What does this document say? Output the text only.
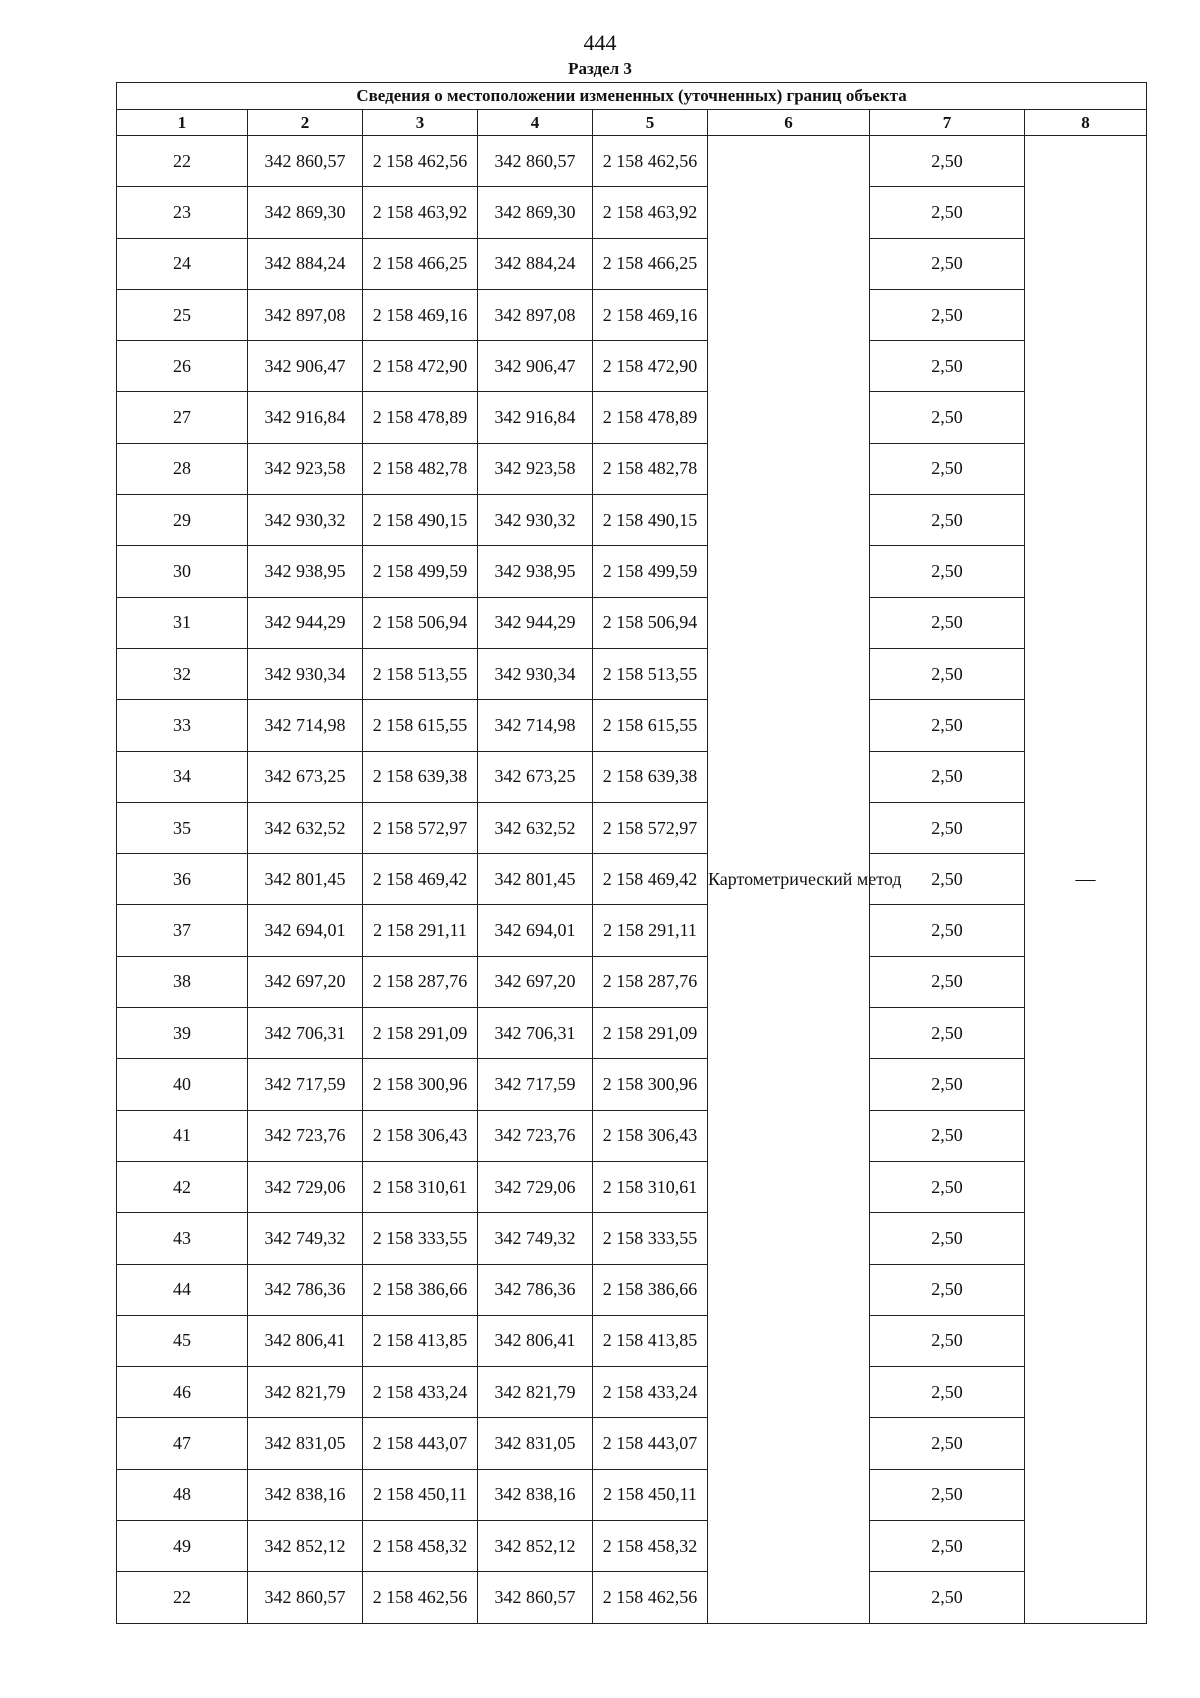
444
Раздел 3
Сведения о местоположении измененных (уточненных) границ объекта							
1	2	3	4	5	6	7	8
22	342 860,57	2 158 462,56	342 860,57	2 158 462,56	Картометрический метод	2,50	—
23	342 869,30	2 158 463,92	342 869,30	2 158 463,92		2,50	
24	342 884,24	2 158 466,25	342 884,24	2 158 466,25		2,50	
25	342 897,08	2 158 469,16	342 897,08	2 158 469,16		2,50	
26	342 906,47	2 158 472,90	342 906,47	2 158 472,90		2,50	
27	342 916,84	2 158 478,89	342 916,84	2 158 478,89		2,50	
28	342 923,58	2 158 482,78	342 923,58	2 158 482,78		2,50	
29	342 930,32	2 158 490,15	342 930,32	2 158 490,15		2,50	
30	342 938,95	2 158 499,59	342 938,95	2 158 499,59		2,50	
31	342 944,29	2 158 506,94	342 944,29	2 158 506,94		2,50	
32	342 930,34	2 158 513,55	342 930,34	2 158 513,55		2,50	
33	342 714,98	2 158 615,55	342 714,98	2 158 615,55		2,50	
34	342 673,25	2 158 639,38	342 673,25	2 158 639,38		2,50	
35	342 632,52	2 158 572,97	342 632,52	2 158 572,97		2,50	
36	342 801,45	2 158 469,42	342 801,45	2 158 469,42		2,50	
37	342 694,01	2 158 291,11	342 694,01	2 158 291,11		2,50	
38	342 697,20	2 158 287,76	342 697,20	2 158 287,76		2,50	
39	342 706,31	2 158 291,09	342 706,31	2 158 291,09		2,50	
40	342 717,59	2 158 300,96	342 717,59	2 158 300,96		2,50	
41	342 723,76	2 158 306,43	342 723,76	2 158 306,43		2,50	
42	342 729,06	2 158 310,61	342 729,06	2 158 310,61		2,50	
43	342 749,32	2 158 333,55	342 749,32	2 158 333,55		2,50	
44	342 786,36	2 158 386,66	342 786,36	2 158 386,66		2,50	
45	342 806,41	2 158 413,85	342 806,41	2 158 413,85		2,50	
46	342 821,79	2 158 433,24	342 821,79	2 158 433,24		2,50	
47	342 831,05	2 158 443,07	342 831,05	2 158 443,07		2,50	
48	342 838,16	2 158 450,11	342 838,16	2 158 450,11		2,50	
49	342 852,12	2 158 458,32	342 852,12	2 158 458,32		2,50	
22	342 860,57	2 158 462,56	342 860,57	2 158 462,56		2,50	
